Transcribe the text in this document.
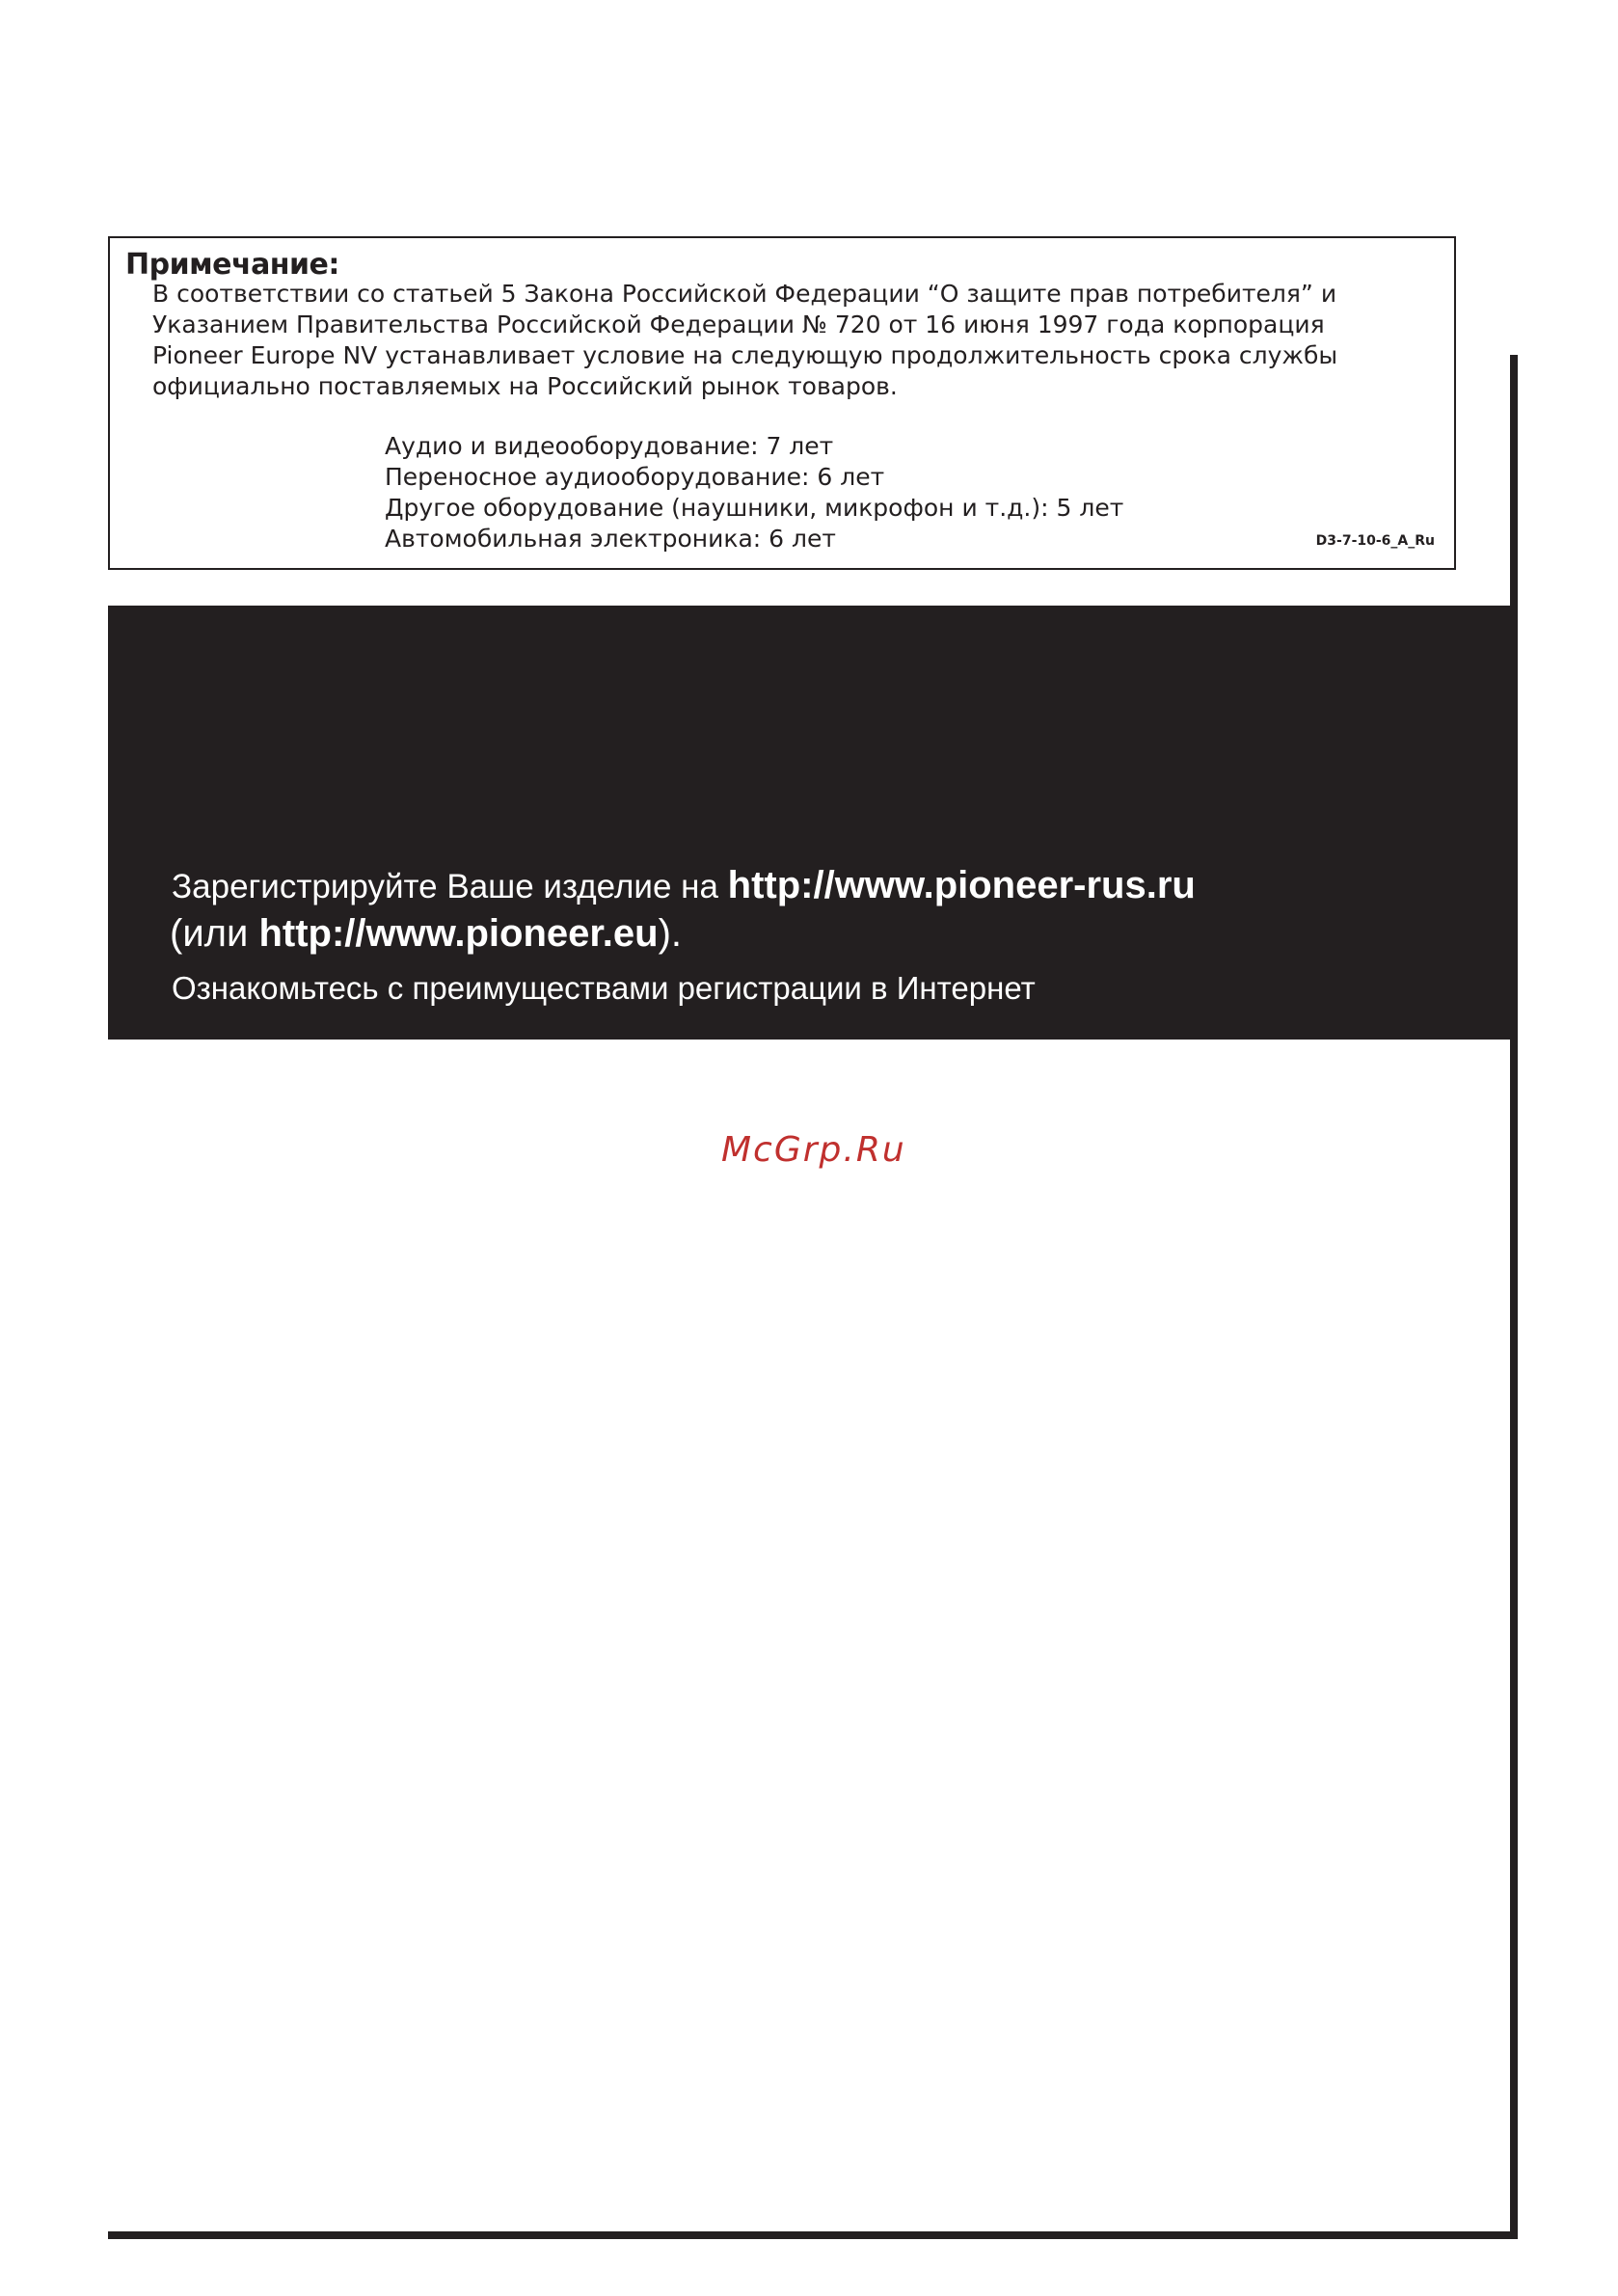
Примечание:

В соответствии со статьей 5 Закона Российской Федерации “О защите прав потребителя” и

Указанием Правительства Российской Федерации № 720 от 16 июня 1997 года корпорация

Pioneer Europe NV устанавливает условие на следующую продолжительность срока службы

официально поставляемых на Российский рынок товаров.

Аудио и видеооборудование: 7 лет
Переносное аудиооборудование: 6 лет
Другое оборудование (наушники, микрофон и т.д.): 5 лет
Автомобильная электроника: 6 лет	D3-7-10-6_A_Ru
Зарегистрируйте Ваше изделие на http://www.pioneer-rus.ru
(или http://www.pioneer.eu).
Ознакомьтесь с преимуществами регистрации в Интернет
McGrp.Ru
